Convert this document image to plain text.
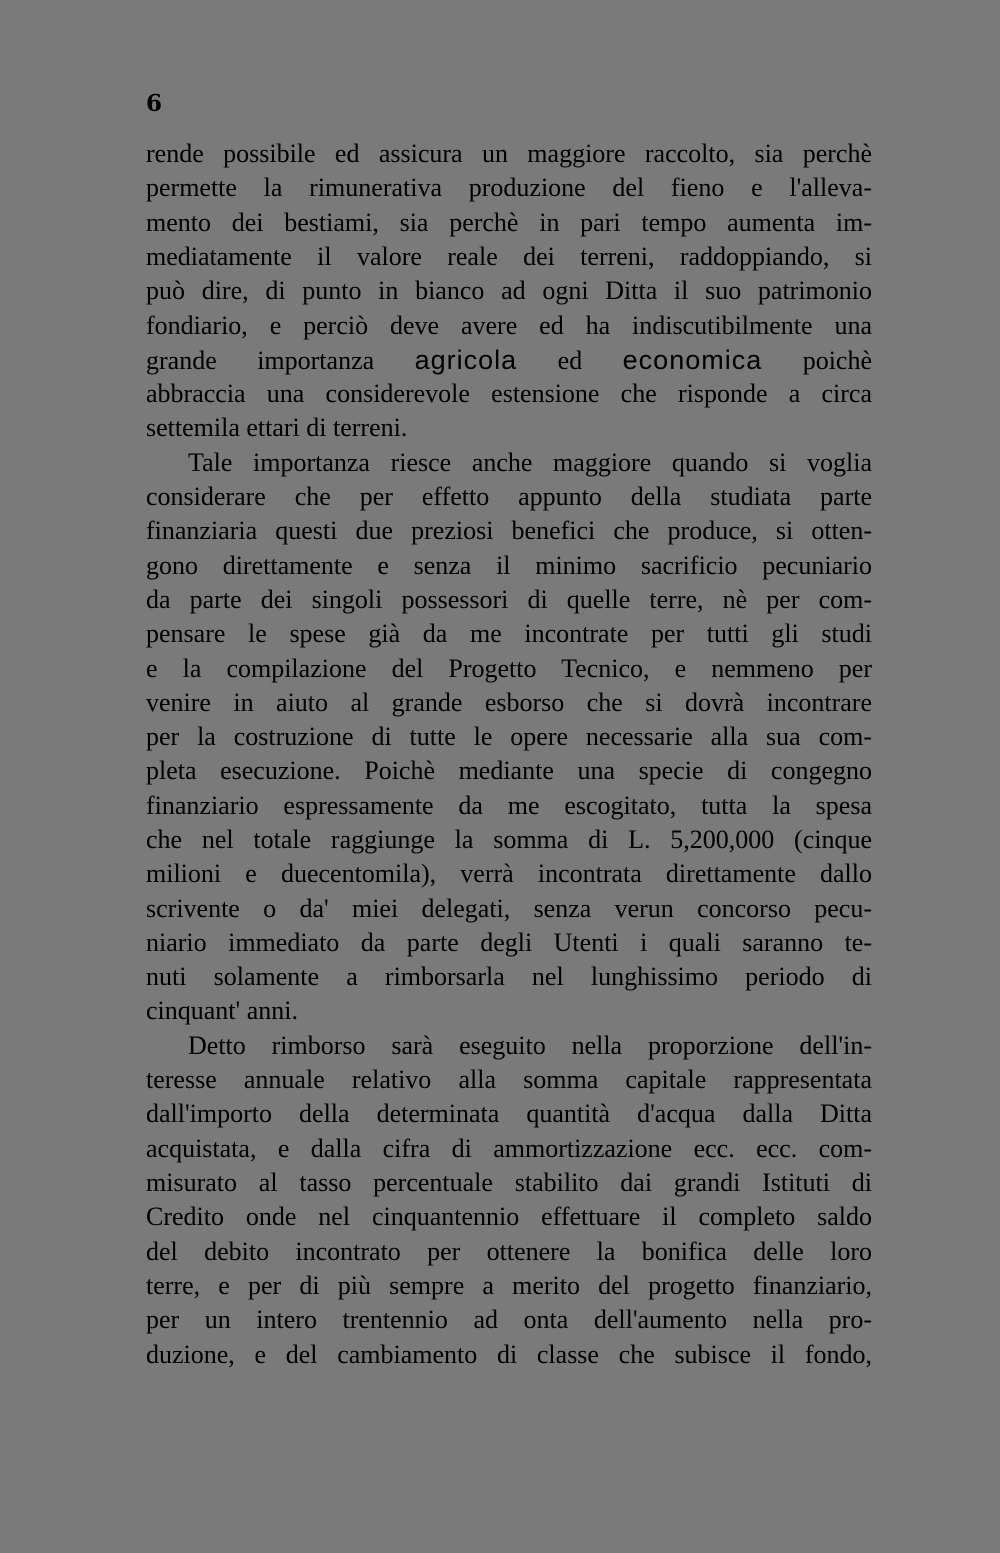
6
rende possibile ed assicura un maggiore raccolto, sia perchè
permette la rimunerativa produzione del fieno e l'alleva-
mento dei bestiami, sia perchè in pari tempo aumenta im-
mediatamente il valore reale dei terreni, raddoppiando, si
può dire, di punto in bianco ad ogni Ditta il suo patrimonio
fondiario, e perciò deve avere ed ha indiscutibilmente una
grande importanza agricola ed economica poichè
abbraccia una considerevole estensione che risponde a circa
settemila ettari di terreni.
Tale importanza riesce anche maggiore quando si voglia
considerare che per effetto appunto della studiata parte
finanziaria questi due preziosi benefici che produce, si otten-
gono direttamente e senza il minimo sacrificio pecuniario
da parte dei singoli possessori di quelle terre, nè per com-
pensare le spese già da me incontrate per tutti gli studi
e la compilazione del Progetto Tecnico, e nemmeno per
venire in aiuto al grande esborso che si dovrà incontrare
per la costruzione di tutte le opere necessarie alla sua com-
pleta esecuzione. Poichè mediante una specie di congegno
finanziario espressamente da me escogitato, tutta la spesa
che nel totale raggiunge la somma di L. 5,200,000 (cinque
milioni e duecentomila), verrà incontrata direttamente dallo
scrivente o da' miei delegati, senza verun concorso pecu-
niario immediato da parte degli Utenti i quali saranno te-
nuti solamente a rimborsarla nel lunghissimo periodo di
cinquant' anni.
Detto rimborso sarà eseguito nella proporzione dell'in-
teresse annuale relativo alla somma capitale rappresentata
dall'importo della determinata quantità d'acqua dalla Ditta
acquistata, e dalla cifra di ammortizzazione ecc. ecc. com-
misurato al tasso percentuale stabilito dai grandi Istituti di
Credito onde nel cinquantennio effettuare il completo saldo
del debito incontrato per ottenere la bonifica delle loro
terre, e per di più sempre a merito del progetto finanziario,
per un intero trentennio ad onta dell'aumento nella pro-
duzione, e del cambiamento di classe che subisce il fondo,
